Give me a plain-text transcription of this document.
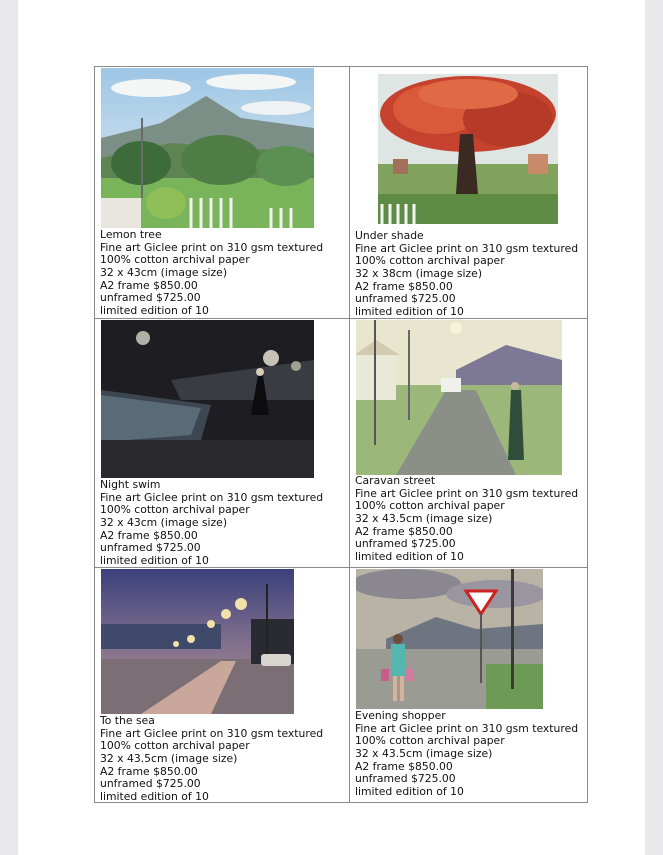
Lemon tree
Fine art Giclee print on 310 gsm textured
100% cotton archival paper
32 x 43cm (image size)
A2 frame $850.00
unframed $725.00
limited edition of 10
Under shade
Fine art Giclee print on 310 gsm textured
100% cotton archival paper
32 x 38cm (image size)
A2 frame $850.00
unframed $725.00
limited edition of 10
Night swim
Fine art Giclee print on 310 gsm textured
100% cotton archival paper
32 x 43cm (image size)
A2 frame $850.00
unframed $725.00
limited edition of 10
Caravan street
Fine art Giclee print on 310 gsm textured
100% cotton archival paper
32 x 43.5cm (image size)
A2 frame $850.00
unframed $725.00
limited edition of 10
To the sea
Fine art Giclee print on 310 gsm textured
100% cotton archival paper
32 x 43.5cm (image size)
A2 frame $850.00
unframed $725.00
limited edition of 10
Evening shopper
Fine art Giclee print on 310 gsm textured
100% cotton archival paper
32 x 43.5cm (image size)
A2 frame $850.00
unframed $725.00
limited edition of 10
